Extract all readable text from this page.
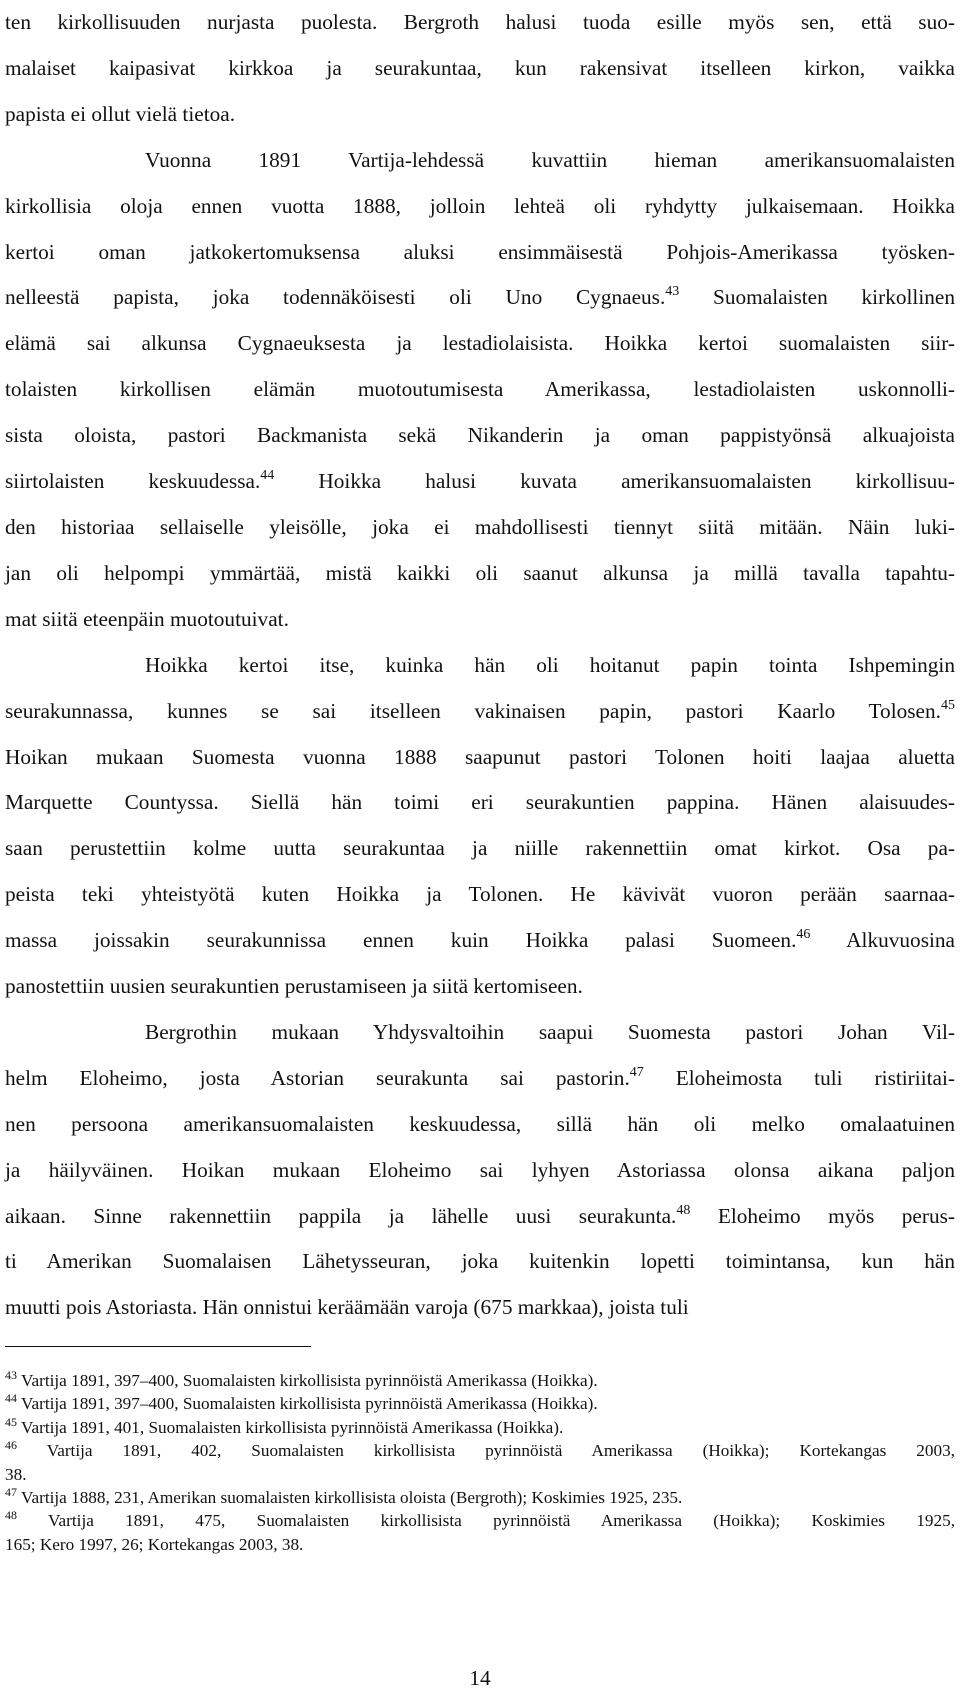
ten kirkollisuuden nurjasta puolesta. Bergroth halusi tuoda esille myös sen, että suo-
malaiset kaipasivat kirkkoa ja seurakuntaa, kun rakensivat itselleen kirkon, vaikka
papista ei ollut vielä tietoa.
Vuonna 1891 Vartija-lehdessä kuvattiin hieman amerikansuomalaisten
kirkollisia oloja ennen vuotta 1888, jolloin lehteä oli ryhdytty julkaisemaan. Hoikka
kertoi oman jatkokertomuksensa aluksi ensimmäisestä Pohjois-Amerikassa työsken-
nelleestä papista, joka todennäköisesti oli Uno Cygnaeus.$^{43}$ Suomalaisten kirkollinen
elämä sai alkunsa Cygnaeuksesta ja lestadiolaisista. Hoikka kertoi suomalaisten siir-
tolaisten kirkollisen elämän muotoutumisesta Amerikassa, lestadiolaisten uskonnolli-
sista oloista, pastori Backmanista sekä Nikanderin ja oman pappistyönsä alkuajoista
siirtolaisten keskuudessa.$^{44}$ Hoikka halusi kuvata amerikansuomalaisten kirkollisuu-
den historiaa sellaiselle yleisölle, joka ei mahdollisesti tiennyt siitä mitään. Näin luki-
jan oli helpompi ymmärtää, mistä kaikki oli saanut alkunsa ja millä tavalla tapahtu-
mat siitä eteenpäin muotoutuivat.
Hoikka kertoi itse, kuinka hän oli hoitanut papin tointa Ishpemingin
seurakunnassa, kunnes se sai itselleen vakinaisen papin, pastori Kaarlo Tolosen.$^{45}$
Hoikan mukaan Suomesta vuonna 1888 saapunut pastori Tolonen hoiti laajaa aluetta
Marquette Countyssa. Siellä hän toimi eri seurakuntien pappina. Hänen alaisuudes-
saan perustettiin kolme uutta seurakuntaa ja niille rakennettiin omat kirkot. Osa pa-
peista teki yhteistyötä kuten Hoikka ja Tolonen. He kävivät vuoron perään saarnaa-
massa joissakin seurakunnissa ennen kuin Hoikka palasi Suomeen.$^{46}$ Alkuvuosina
panostettiin uusien seurakuntien perustamiseen ja siitä kertomiseen.
Bergrothin mukaan Yhdysvaltoihin saapui Suomesta pastori Johan Vil-
helm Eloheimo, josta Astorian seurakunta sai pastorin.$^{47}$ Eloheimosta tuli ristiriitai-
nen persoona amerikansuomalaisten keskuudessa, sillä hän oli melko omalaatuinen
ja häilyväinen. Hoikan mukaan Eloheimo sai lyhyen Astoriassa olonsa aikana paljon
aikaan. Sinne rakennettiin pappila ja lähelle uusi seurakunta.$^{48}$ Eloheimo myös perus-
ti Amerikan Suomalaisen Lähetysseuran, joka kuitenkin lopetti toimintansa, kun hän
muutti pois Astoriasta. Hän onnistui keräämään varoja (675 markkaa), joista tuli
$^{43}$ Vartija 1891, 397–400, Suomalaisten kirkollisista pyrinnöistä Amerikassa (Hoikka).
$^{44}$ Vartija 1891, 397–400, Suomalaisten kirkollisista pyrinnöistä Amerikassa (Hoikka).
$^{45}$ Vartija 1891, 401, Suomalaisten kirkollisista pyrinnöistä Amerikassa (Hoikka).
$^{46}$ Vartija 1891, 402, Suomalaisten kirkollisista pyrinnöistä Amerikassa (Hoikka); Kortekangas 2003,
38.
$^{47}$ Vartija 1888, 231, Amerikan suomalaisten kirkollisista oloista (Bergroth); Koskimies 1925, 235.
$^{48}$ Vartija 1891, 475, Suomalaisten kirkollisista pyrinnöistä Amerikassa (Hoikka); Koskimies 1925,
165; Kero 1997, 26; Kortekangas 2003, 38.
14
